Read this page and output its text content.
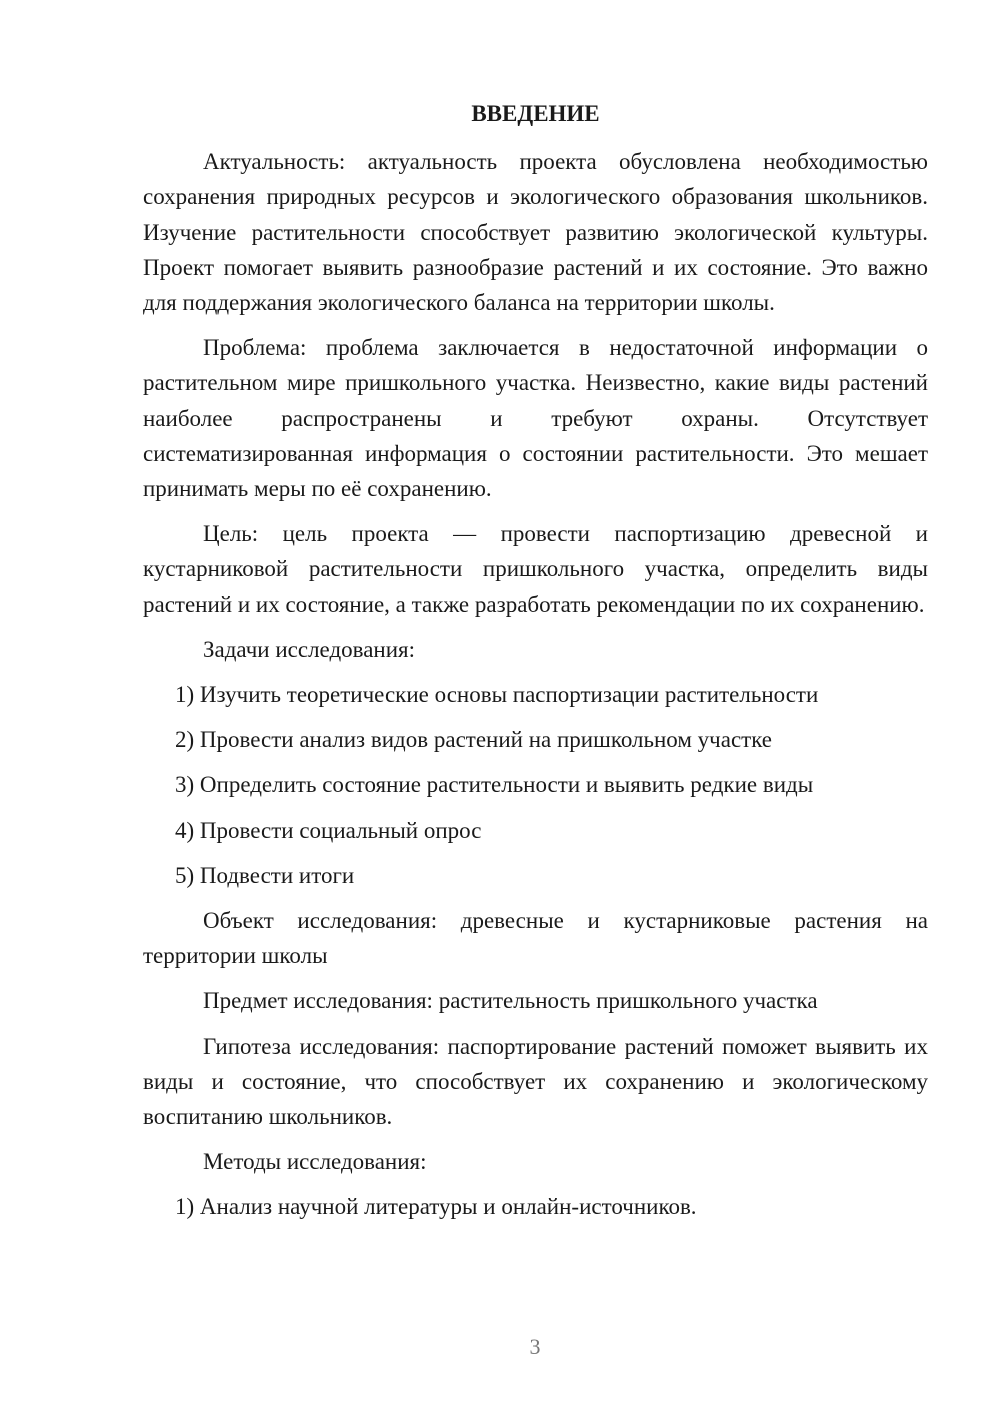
ВВЕДЕНИЕ

Актуальность: актуальность проекта обусловлена необходимостью сохранения природных ресурсов и экологического образования школьников. Изучение растительности способствует развитию экологической культуры. Проект помогает выявить разнообразие растений и их состояние. Это важно для поддержания экологического баланса на территории школы.

Проблема: проблема заключается в недостаточной информации о растительном мире пришкольного участка. Неизвестно, какие виды растений наиболее распространены и требуют охраны. Отсутствует систематизированная информация о состоянии растительности. Это мешает принимать меры по её сохранению.

Цель: цель проекта — провести паспортизацию древесной и кустарниковой растительности пришкольного участка, определить виды растений и их состояние, а также разработать рекомендации по их сохранению.

Задачи исследования:

1) Изучить теоретические основы паспортизации растительности
2) Провести анализ видов растений на пришкольном участке
3) Определить состояние растительности и выявить редкие виды
4) Провести социальный опрос
5) Подвести итоги

Объект исследования: древесные и кустарниковые растения на территории школы

Предмет исследования: растительность пришкольного участка

Гипотеза исследования: паспортирование растений поможет выявить их виды и состояние, что способствует их сохранению и экологическому воспитанию школьников.

Методы исследования:

1) Анализ научной литературы и онлайн-источников.
3
